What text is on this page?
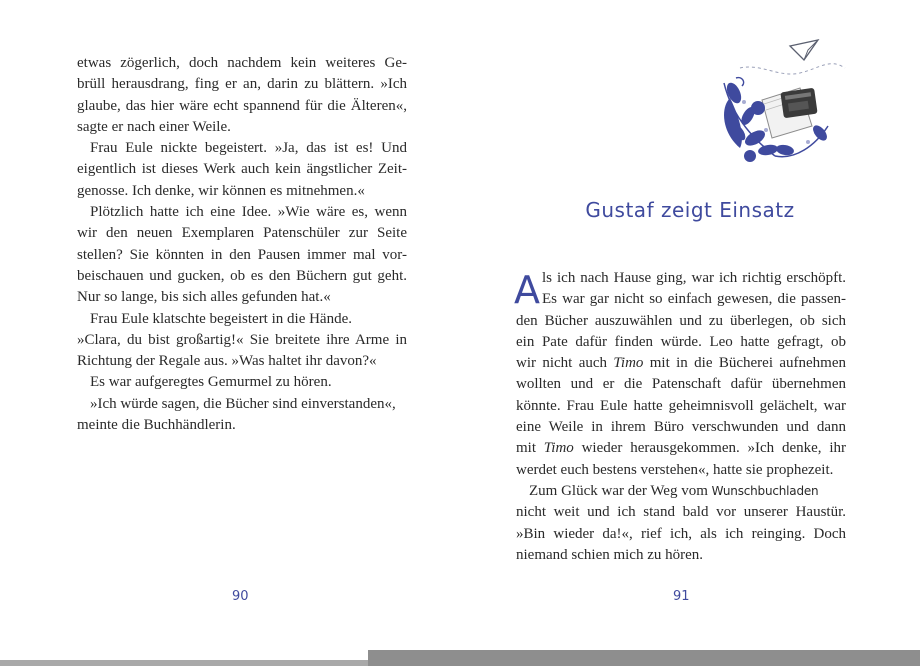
etwas zögerlich, doch nachdem kein weiteres Ge-
brüll herausdrang, fing er an, darin zu blättern. »Ich
glaube, das hier wäre echt spannend für die Älteren«,
sagte er nach einer Weile.
Frau Eule nickte begeistert. »Ja, das ist es! Und
eigentlich ist dieses Werk auch kein ängstlicher Zeit-
genosse. Ich denke, wir können es mitnehmen.«
Plötzlich hatte ich eine Idee. »Wie wäre es, wenn
wir den neuen Exemplaren Patenschüler zur Seite
stellen? Sie könnten in den Pausen immer mal vor-
beischauen und gucken, ob es den Büchern gut geht.
Nur so lange, bis sich alles gefunden hat.«
Frau Eule klatschte begeistert in die Hände.
»Clara, du bist großartig!« Sie breitete ihre Arme in
Richtung der Regale aus. »Was haltet ihr davon?«
Es war aufgeregtes Gemurmel zu hören.
»Ich würde sagen, die Bücher sind einverstanden«,
meinte die Buchhändlerin.
90
Gustaf zeigt Einsatz
A ls ich nach Hause ging, war ich richtig erschöpft.
Es war gar nicht so einfach gewesen, die passen-
den Bücher auszuwählen und zu überlegen, ob sich
ein Pate dafür finden würde. Leo hatte gefragt, ob
wir nicht auch Timo mit in die Bücherei aufnehmen
wollten und er die Patenschaft dafür übernehmen
könnte. Frau Eule hatte geheimnisvoll gelächelt, war
eine Weile in ihrem Büro verschwunden und dann
mit Timo wieder herausgekommen. »Ich denke, ihr
werdet euch bestens verstehen«, hatte sie prophezeit.
Zum Glück war der Weg vom Wunschbuchladen
nicht weit und ich stand bald vor unserer Haustür.
»Bin wieder da!«, rief ich, als ich reinging. Doch
niemand schien mich zu hören.
91
